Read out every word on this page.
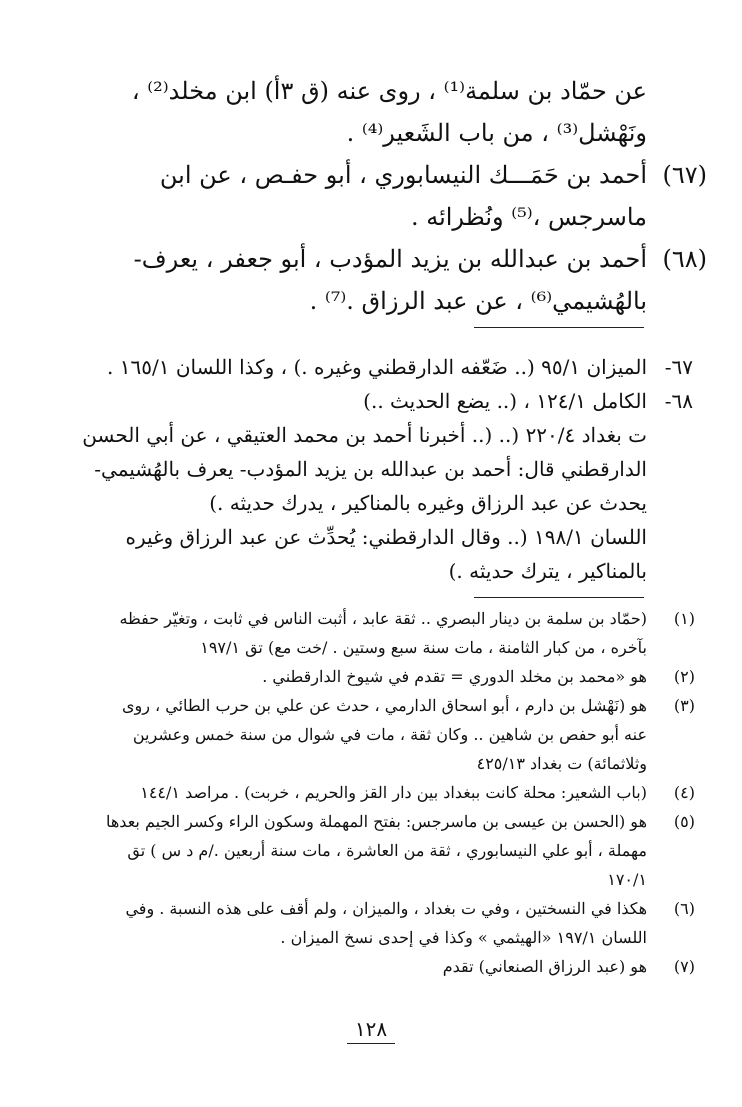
عن حمّاد بن سلمة⁽¹⁾ ، روى عنه (ق ٣أ) ابن مخلد⁽²⁾ ،
ونَهْشل⁽³⁾ ، من باب الشَعير⁽⁴⁾ .
(٦٧)
أحمد بن حَمَـــك النيسابوري ، أبو حفـص ، عن ابن
ماسرجس ،⁽⁵⁾ ونُظرائه .
(٦٨)
أحمد بن عبدالله بن يزيد المؤدب ، أبو جعفر ، يعرف-
بالهُشيمي⁽⁶⁾ ، عن عبد الرزاق .⁽⁷⁾ .
٦٧-
الميزان ٩٥/١ (.. ضَعّفه الدارقطني وغيره .) ، وكذا اللسان ١٦٥/١ .
٦٨-
الكامل ١٢٤/١ ، (.. يضع الحديث ..)
ت بغداد ٢٢٠/٤ (.. (.. أخبرنا أحمد بن محمد العتيقي ، عن أبي الحسن
الدارقطني قال: أحمد بن عبدالله بن يزيد المؤدب- يعرف بالهُشيمي-
يحدث عن عبد الرزاق وغيره بالمناكير ، يدرك حديثه .)
اللسان ١٩٨/١ (.. وقال الدارقطني: يُحدِّث عن عبد الرزاق وغيره
بالمناكير ، يترك حديثه .)
(١)
(حمّاد بن سلمة بن دينار البصري .. ثقة عابد ، أثبت الناس في ثابت ، وتغيّر حفظه
بآخره ، من كبار الثامنة ، مات سنة سبع وستين . /خت مع) تق ١٩٧/١
(٢)
هو «محمد بن مخلد الدوري = تقدم في شيوخ الدارقطني .
(٣)
هو (نَهْشل بن دارم ، أبو اسحاق الدارمي ، حدث عن علي بن حرب الطائي ، روى
عنه أبو حفص بن شاهين .. وكان ثقة ، مات في شوال من سنة خمس وعشرين
وثلاثمائة) ت بغداد ٤٢٥/١٣
(٤)
(باب الشعير: محلة كانت ببغداد بين دار القز والحريم ، خربت) . مراصد ١٤٤/١
(٥)
هو (الحسن بن عيسى بن ماسرجس: بفتح المهملة وسكون الراء وكسر الجيم بعدها
مهملة ، أبو علي النيسابوري ، ثقة من العاشرة ، مات سنة أربعين ./م د س ) تق
١٧٠/١
(٦)
هكذا في النسختين ، وفي ت بغداد ، والميزان ، ولم أقف على هذه النسبة . وفي
اللسان ١٩٧/١ «الهيثمي » وكذا في إحدى نسخ الميزان .
(٧)
هو (عبد الرزاق الصنعاني) تقدم
١٢٨
